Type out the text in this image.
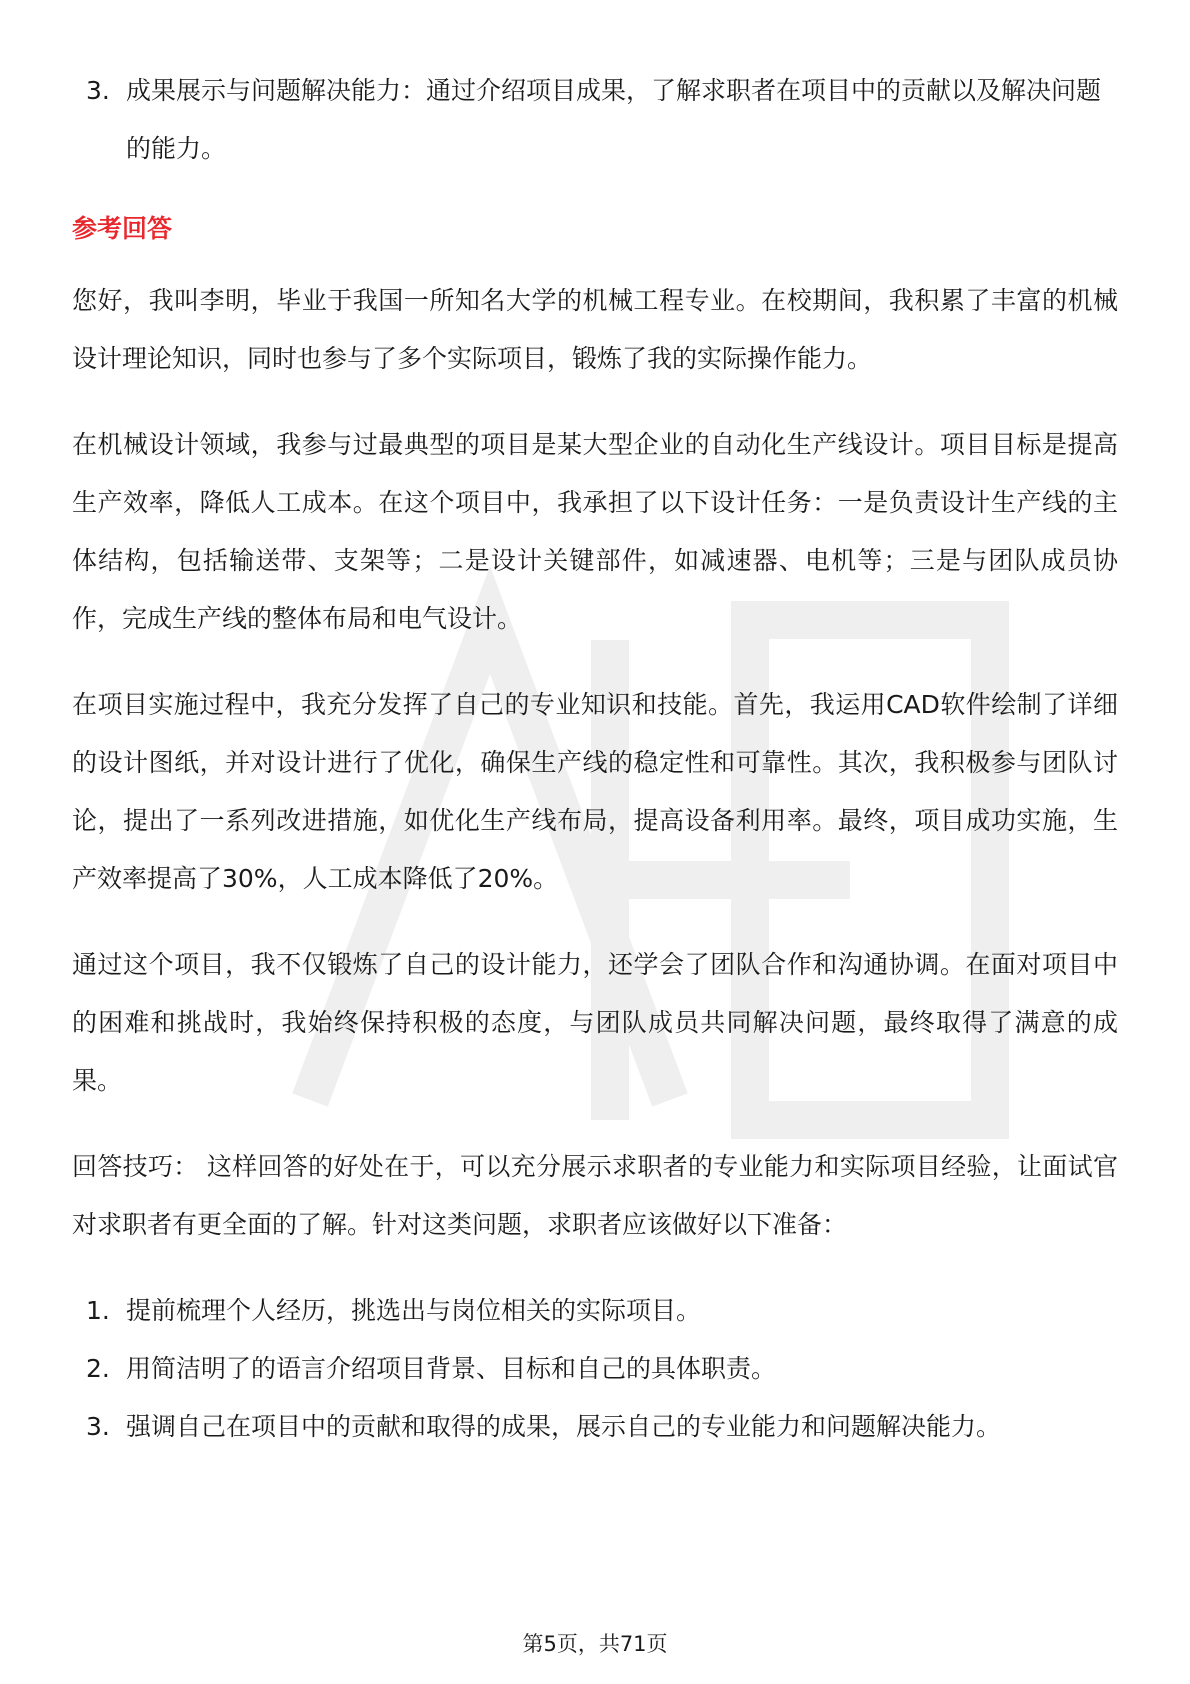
3. 成果展示与问题解决能力：通过介绍项目成果，了解求职者在项目中的贡献以及解决问题的能力。
参考回答

您好，我叫李明，毕业于我国一所知名大学的机械工程专业。在校期间，我积累了丰富的机械设计理论知识，同时也参与了多个实际项目，锻炼了我的实际操作能力。

在机械设计领域，我参与过最典型的项目是某大型企业的自动化生产线设计。项目目标是提高生产效率，降低人工成本。在这个项目中，我承担了以下设计任务：一是负责设计生产线的主体结构，包括输送带、支架等；二是设计关键部件，如减速器、电机等；三是与团队成员协作，完成生产线的整体布局和电气设计。

在项目实施过程中，我充分发挥了自己的专业知识和技能。首先，我运用CAD软件绘制了详细的设计图纸，并对设计进行了优化，确保生产线的稳定性和可靠性。其次，我积极参与团队讨论，提出了一系列改进措施，如优化生产线布局，提高设备利用率。最终，项目成功实施，生产效率提高了30%，人工成本降低了20%。

通过这个项目，我不仅锻炼了自己的设计能力，还学会了团队合作和沟通协调。在面对项目中的困难和挑战时，我始终保持积极的态度，与团队成员共同解决问题，最终取得了满意的成果。

回答技巧： 这样回答的好处在于，可以充分展示求职者的专业能力和实际项目经验，让面试官对求职者有更全面的了解。针对这类问题，求职者应该做好以下准备：

1. 提前梳理个人经历，挑选出与岗位相关的实际项目。
2. 用简洁明了的语言介绍项目背景、目标和自己的具体职责。
3. 强调自己在项目中的贡献和取得的成果，展示自己的专业能力和问题解决能力。
第5页，共71页
